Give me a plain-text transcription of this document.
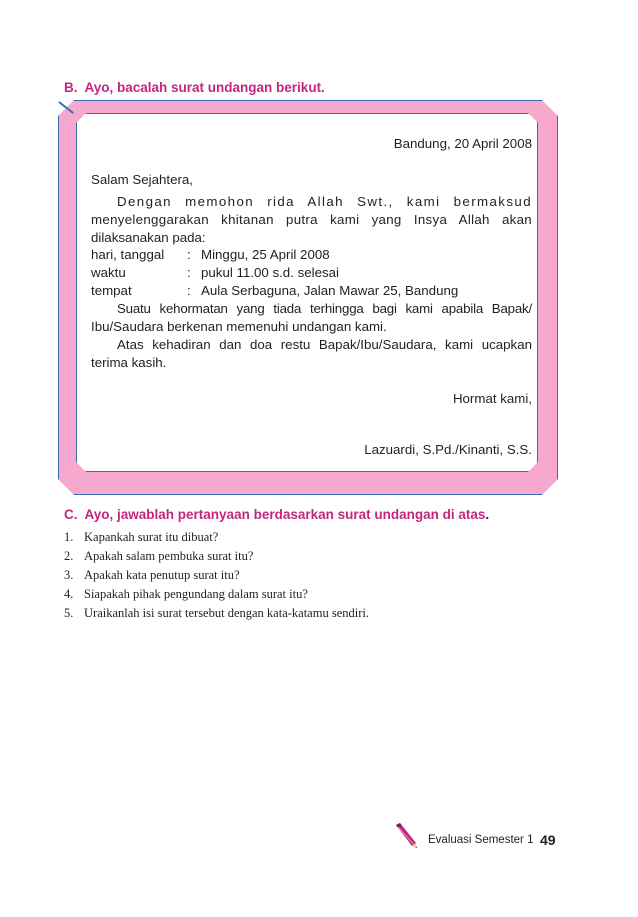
B. Ayo, bacalah surat undangan berikut.
Bandung, 20 April 2008
Salam Sejahtera,
Dengan memohon rida Allah Swt., kami bermaksud
menyelenggarakan khitanan putra kami yang Insya Allah akan
dilaksanakan pada:
hari, tanggal : Minggu, 25 April 2008
waktu	: pukul 11.00 s.d. selesai
tempat	: Aula Serbaguna, Jalan Mawar 25, Bandung
Suatu kehormatan yang tiada terhingga bagi kami apabila Bapak/
Ibu/Saudara berkenan memenuhi undangan kami.
Atas kehadiran dan doa restu Bapak/Ibu/Saudara, kami ucapkan
terima kasih.
Hormat kami,
Lazuardi, S.Pd./Kinanti, S.S.
C. Ayo, jawablah pertanyaan berdasarkan surat undangan di atas.
1. Kapankah surat itu dibuat?
2. Apakah salam pembuka surat itu?
3. Apakah kata penutup surat itu?
4. Siapakah pihak pengundang dalam surat itu?
5. Uraikanlah isi surat tersebut dengan kata-katamu sendiri.
Evaluasi Semester 1 49
